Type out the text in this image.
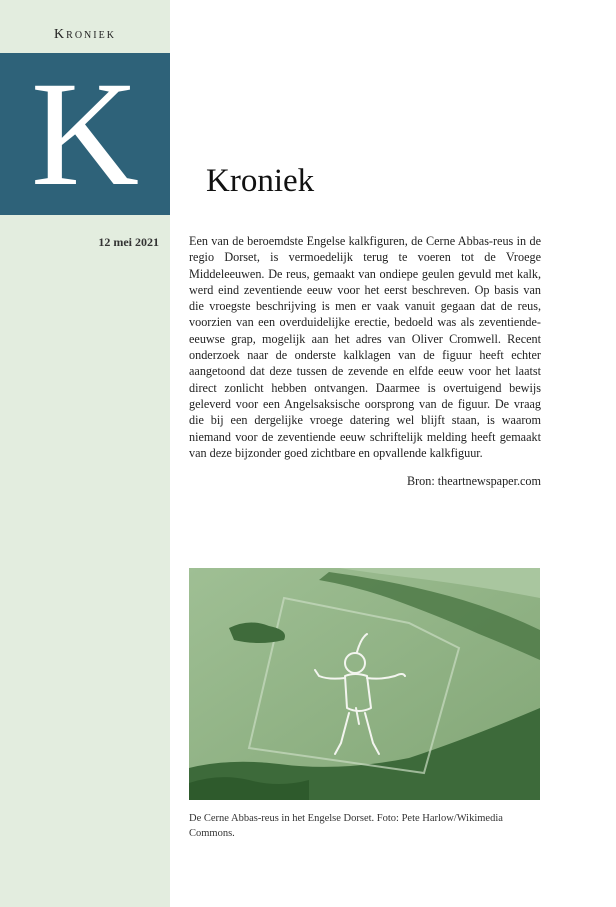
Kroniek
K	Kroniek
12 mei 2021 Een van de beroemdste Engelse kalkfiguren, de Cerne Abbas-reus in de regio Dorset, is vermoedelijk terug te voeren tot de Vroege Middeleeuwen. De reus, gemaakt van ondiepe geulen gevuld met kalk, werd eind zeventiende eeuw voor het eerst beschreven. Op basis van die vroegste beschrijving is men er vaak vanuit gegaan dat de reus, voorzien van een overduidelijke erectie, bedoeld was als zeventiende-eeuwse grap, mogelijk aan het adres van Oliver Cromwell. Recent onderzoek naar de onderste kalklagen van de figuur heeft echter aangetoond dat deze tussen de zevende en elfde eeuw voor het laatst direct zonlicht hebben ontvangen. Daarmee is overtuigend bewijs geleverd voor een Angelsaksische oorsprong van de figuur. De vraag die bij een dergelijke vroege datering wel blijft staan, is waarom niemand voor de zeventiende eeuw schriftelijk melding heeft gemaakt van deze bijzonder goed zichtbare en opvallende kalkfiguur.

Bron: theartnewspaper.com

De Cerne Abbas-reus in het Engelse Dorset. Foto: Pete Harlow/Wikimedia Commons.
